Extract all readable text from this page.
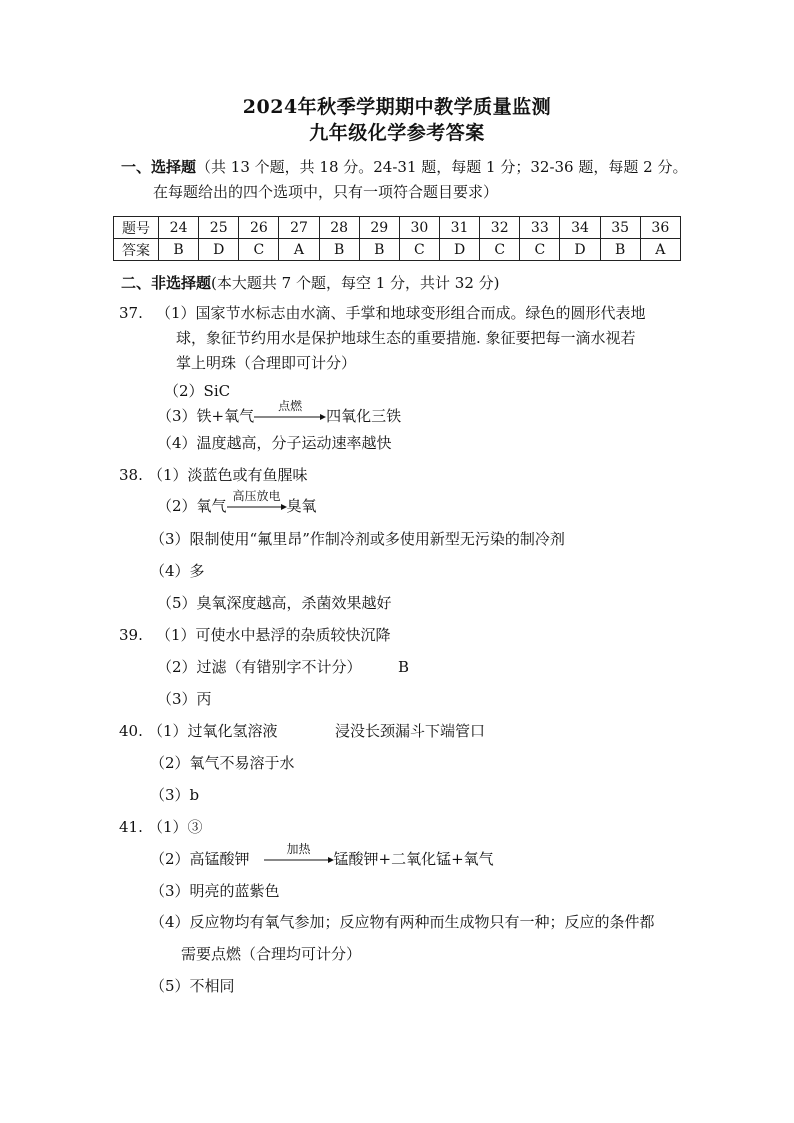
2024年秋季学期期中教学质量监测
九年级化学参考答案
一、选择题（共 13 个题，共 18 分。24-31 题，每题 1 分；32-36 题，每题 2 分。
在每题给出的四个选项中，只有一项符合题目要求）
题号	24	25	26	27	28	29	30	31	32	33	34	35	36
答案	B	D	C	A	B	B	C	D	C	C	D	B	A
二、非选择题(本大题共 7 个题，每空 1 分，共计 32 分)
37. （1）国家节水标志由水滴、手掌和地球变形组合而成。绿色的圆形代表地
球，象征节约用水是保护地球生态的重要措施. 象征要把每一滴水视若
掌上明珠（合理即可计分）
（2）SiC
（3）铁+氧气
点燃
四氧化三铁
（4）温度越高，分子运动速率越快
38. （1）淡蓝色或有鱼腥味
（2）氧气
高压放电
臭氧
（3）限制使用“氟里昂”作制冷剂或多使用新型无污染的制冷剂
（4）多
（5）臭氧深度越高，杀菌效果越好
39. （1）可使水中悬浮的杂质较快沉降
（2）过滤（有错别字不计分） B
（3）丙
40. （1）过氧化氢溶液	浸没长颈漏斗下端管口
（2）氧气不易溶于水
（3）b
41. （1）③
（2）高锰酸钾
加热
锰酸钾+二氧化锰+氧气
（3）明亮的蓝紫色
（4）反应物均有氧气参加；反应物有两种而生成物只有一种；反应的条件都
需要点燃（合理均可计分）
（5）不相同
